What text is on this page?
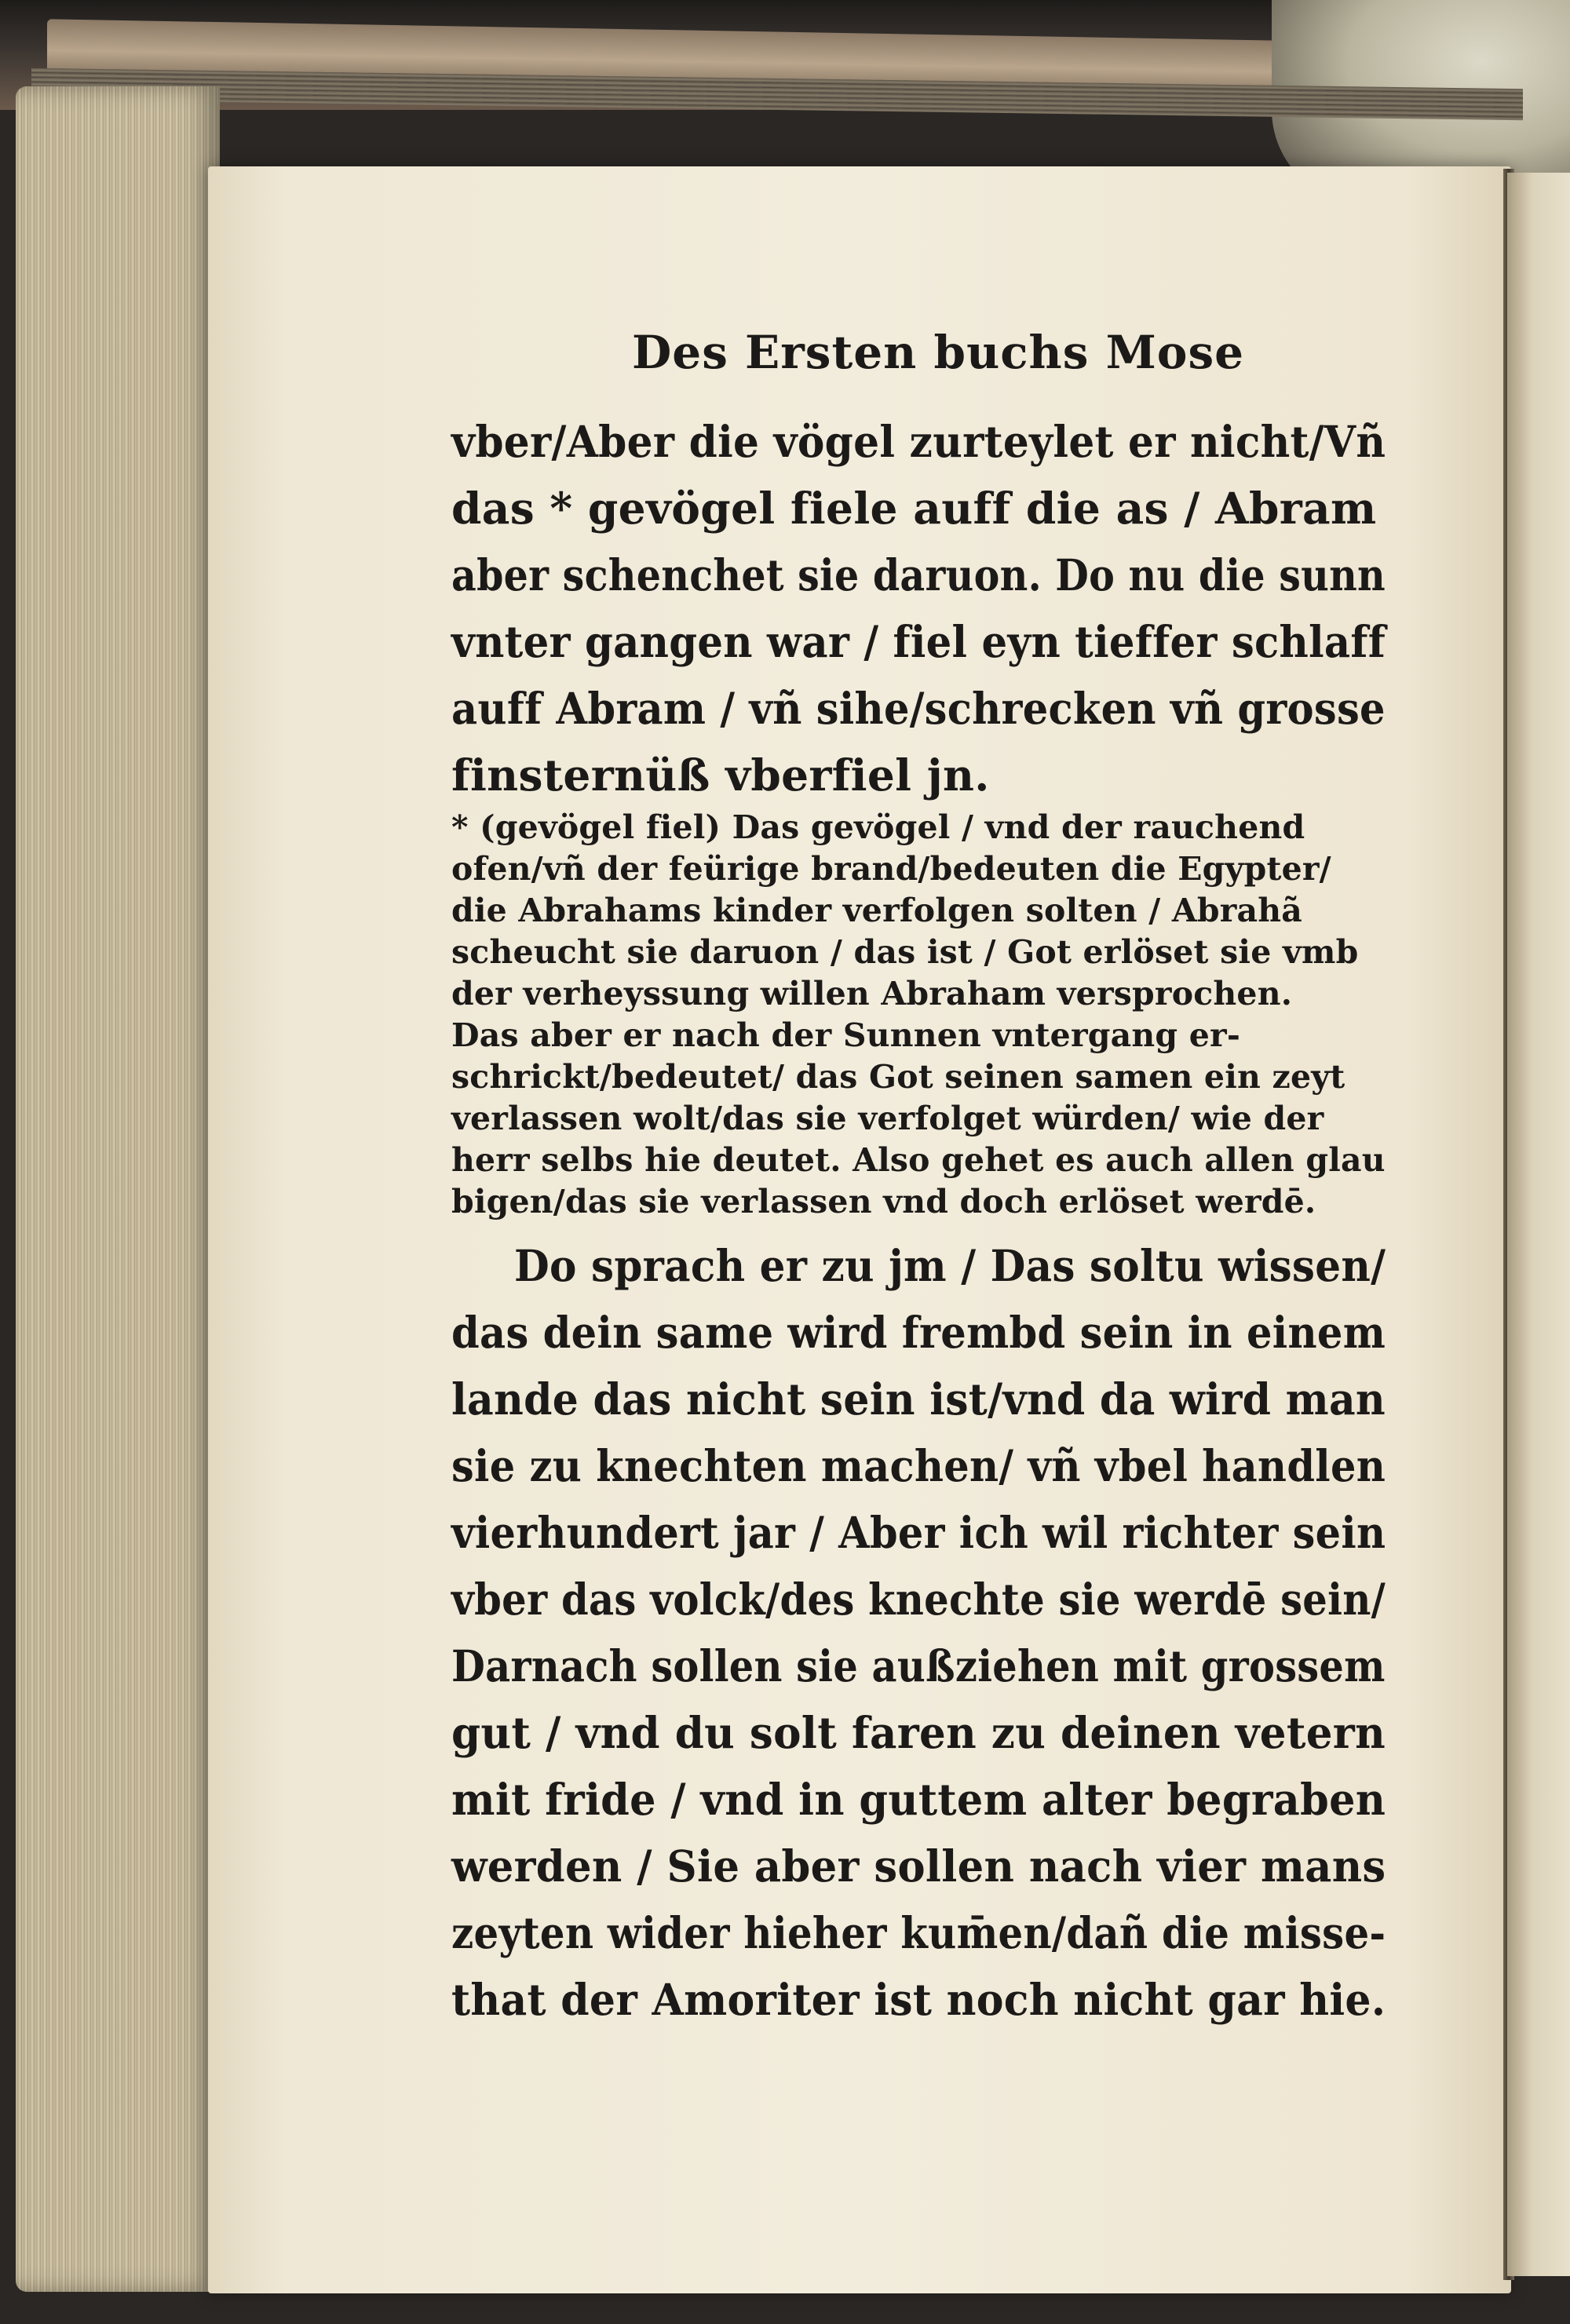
Des Ersten buchs Mose
vber/Aber die vögel zurteylet er nicht/Vñ
das * gevögel fiele auff die as / Abram
aber schenchet sie daruon. Do nu die sunn
vnter gangen war / fiel eyn tieffer schlaff
auff Abram / vñ sihe/schrecken vñ grosse
finsternüß vberfiel jn.
* (gevögel fiel) Das gevögel / vnd der rauchend
ofen/vñ der feürige brand/bedeuten die Egypter/
die Abrahams kinder verfolgen solten / Abrahã
scheucht sie daruon / das ist / Got erlöset sie vmb
der verheyssung willen Abraham versprochen.
Das aber er nach der Sunnen vntergang er-
schrickt/bedeutet/ das Got seinen samen ein zeyt
verlassen wolt/das sie verfolget würden/ wie der
herr selbs hie deutet. Also gehet es auch allen glau
bigen/das sie verlassen vnd doch erlöset werdē.
Do sprach er zu jm / Das soltu wissen/
das dein same wird frembd sein in einem
lande das nicht sein ist/vnd da wird man
sie zu knechten machen/ vñ vbel handlen
vierhundert jar / Aber ich wil richter sein
vber das volck/des knechte sie werdē sein/
Darnach sollen sie außziehen mit grossem
gut / vnd du solt faren zu deinen vetern
mit fride / vnd in guttem alter begraben
werden / Sie aber sollen nach vier mans
zeyten wider hieher kum̄en/dañ die misse-
that der Amoriter ist noch nicht gar hie.
